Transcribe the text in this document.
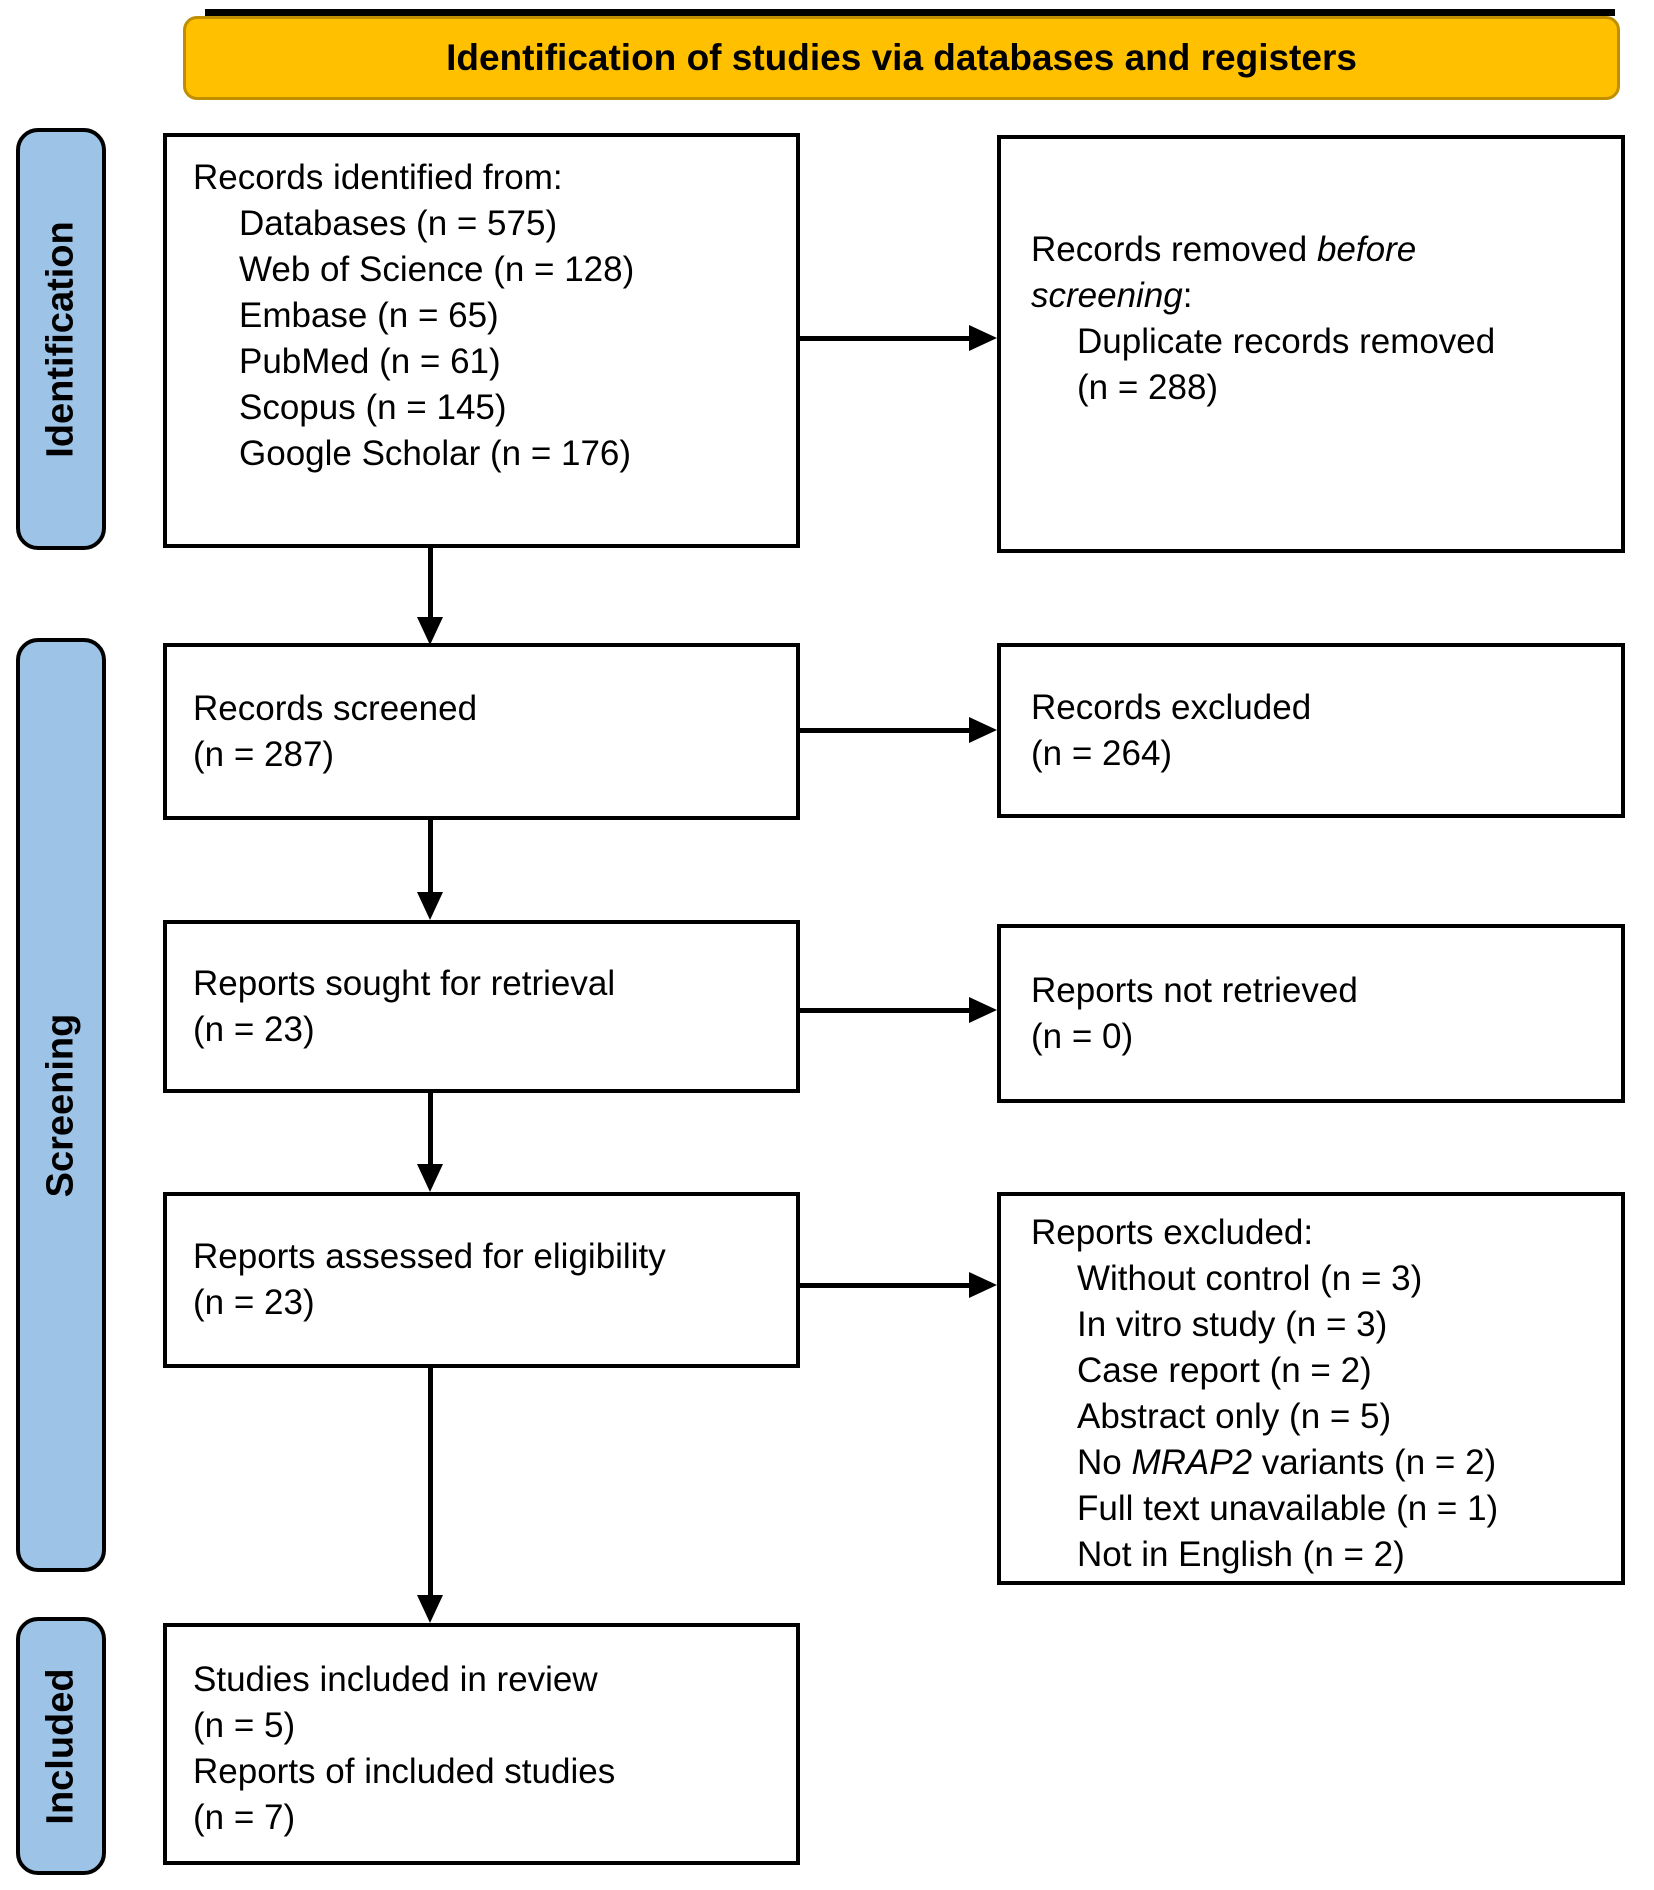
Identification of studies via databases and registers
Identification
Screening
Included
Records identified from:
Databases (n = 575)
Web of Science (n = 128)
Embase (n = 65)
PubMed (n = 61)
Scopus (n = 145)
Google Scholar (n = 176)
Records removed before
screening:
Duplicate records removed
(n = 288)
Records screened
(n = 287)
Records excluded
(n = 264)
Reports sought for retrieval
(n = 23)
Reports not retrieved
(n = 0)
Reports assessed for eligibility
(n = 23)
Reports excluded:
Without control (n = 3)
In vitro study (n = 3)
Case report (n = 2)
Abstract only (n = 5)
No MRAP2 variants (n = 2)
Full text unavailable (n = 1)
Not in English (n = 2)
Studies included in review
(n = 5)
Reports of included studies
(n = 7)
